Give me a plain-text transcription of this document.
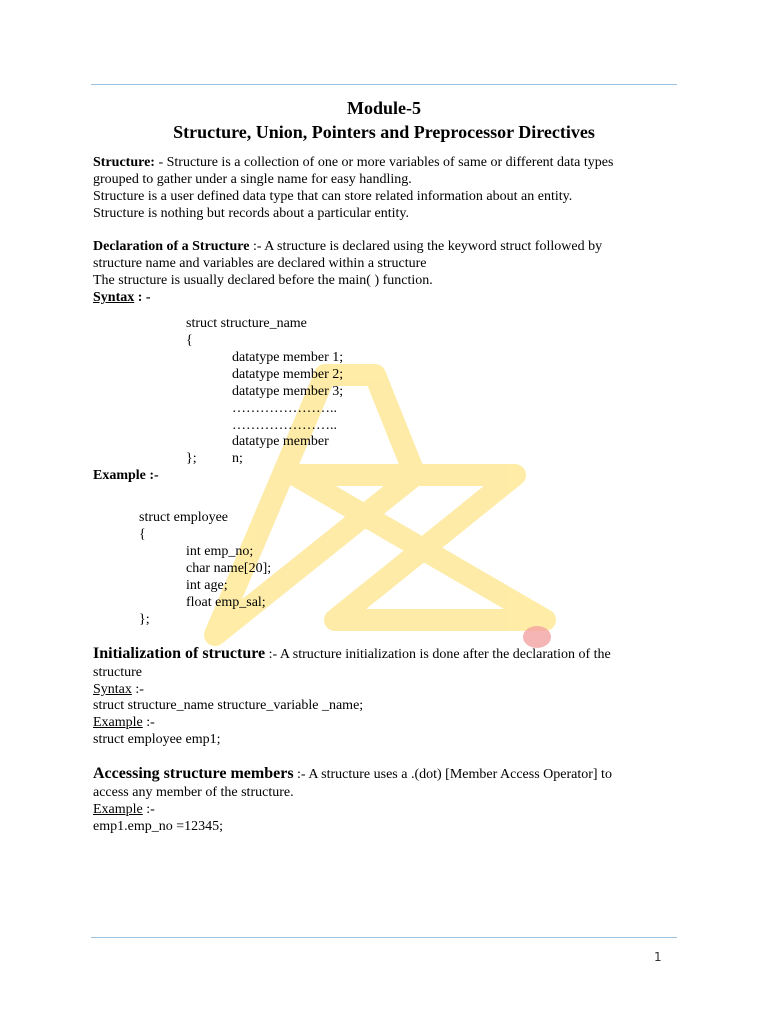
Module-5
Structure, Union, Pointers and Preprocessor Directives
Structure: - Structure is a collection of one or more variables of same or different data types
grouped to gather under a single name for easy handling.
Structure is a user defined data type that can store related information about an entity.
Structure is nothing but records about a particular entity.
Declaration of a Structure :- A structure is declared using the keyword struct followed by
structure name and variables are declared within a structure
The structure is usually declared before the main( ) function.
Syntax : -
struct structure_name
{
datatype member 1;
datatype member 2;
datatype member 3;
…………………..
…………………..
datatype member
};	n;
Example :-
struct employee
{
int emp_no;
char name[20];
int age;
float emp_sal;
};
Initialization of structure :- A structure initialization is done after the declaration of the
structure
Syntax :-
struct structure_name structure_variable _name;
Example :-
struct employee emp1;
Accessing structure members :- A structure uses a .(dot) [Member Access Operator] to
access any member of the structure.
Example :-
emp1.emp_no =12345;
1
